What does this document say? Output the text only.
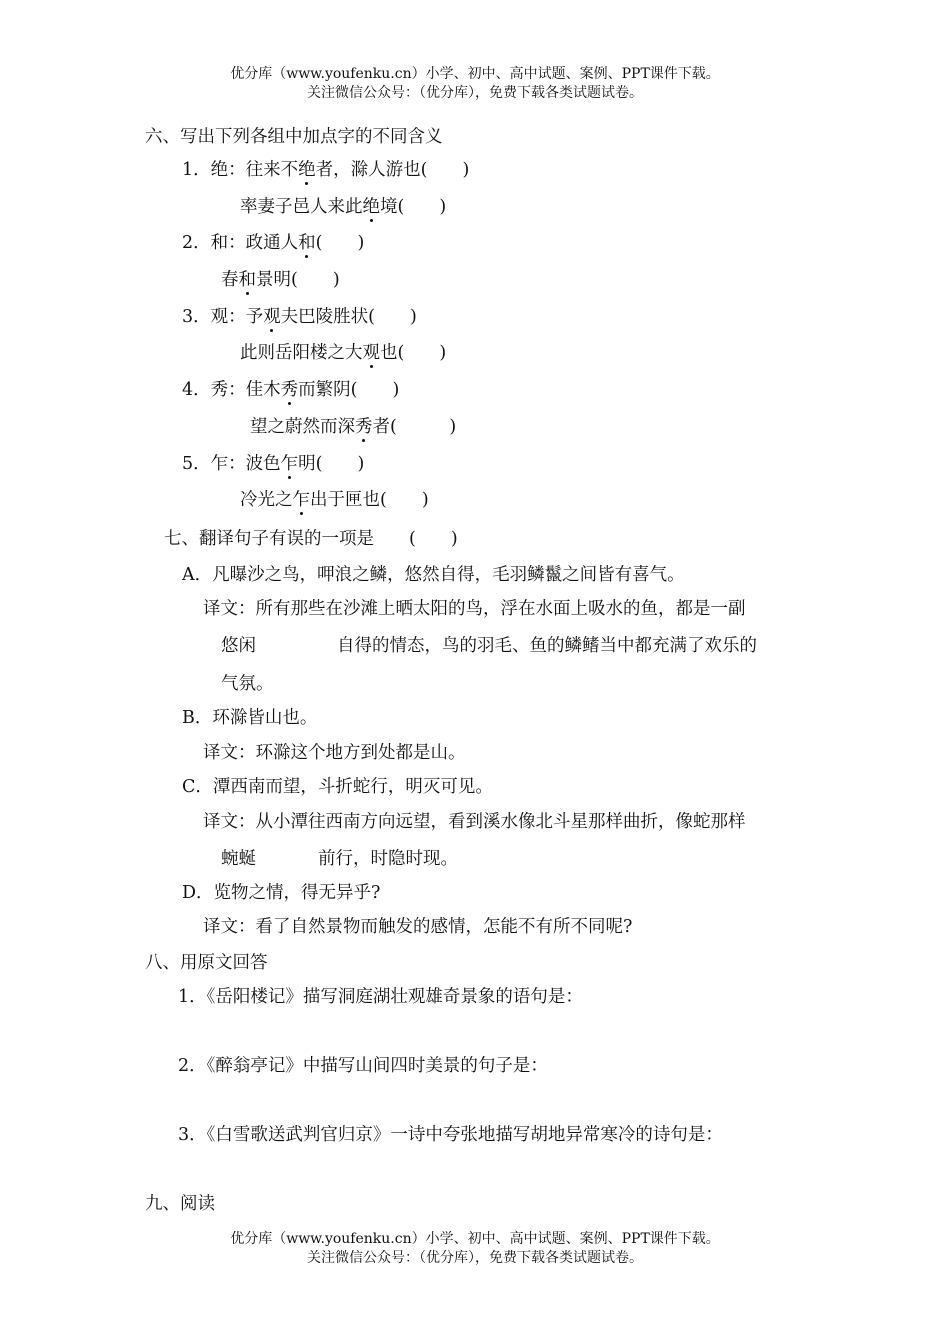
优分库（www.youfenku.cn）小学、初中、高中试题、案例、PPT课件下载。
关注微信公众号：（优分库），免费下载各类试题试卷。
六、写出下列各组中加点字的不同含义
1．绝：往来不绝者，滁人游也(　　)
率妻子邑人来此绝境(　　)
2．和：政通人和(　　)
春和景明(　　)
3．观：予观夫巴陵胜状(　　)
此则岳阳楼之大观也(　　)
4．秀：佳木秀而繁阴(　　)
望之蔚然而深秀者(　　　)
5．乍：波色乍明(　　)
冷光之乍出于匣也(　　)
七、翻译句子有误的一项是　　(　　)
A．凡曝沙之鸟，呷浪之鳞，悠然自得，毛羽鳞鬣之间皆有喜气。
译文：所有那些在沙滩上晒太阳的鸟，浮在水面上吸水的鱼，都是一副
悠闲	自得的情态，鸟的羽毛、鱼的鳞鳍当中都充满了欢乐的
气氛。
B．环滁皆山也。
译文：环滁这个地方到处都是山。
C．潭西南而望，斗折蛇行，明灭可见。
译文：从小潭往西南方向远望，看到溪水像北斗星那样曲折，像蛇那样
蜿蜒	前行，时隐时现。
D．览物之情，得无异乎?
译文：看了自然景物而触发的感情，怎能不有所不同呢?
八、用原文回答
1．《岳阳楼记》描写洞庭湖壮观雄奇景象的语句是：
2．《醉翁亭记》中描写山间四时美景的句子是：
3．《白雪歌送武判官归京》一诗中夸张地描写胡地异常寒冷的诗句是：
九、阅读
优分库（www.youfenku.cn）小学、初中、高中试题、案例、PPT课件下载。
关注微信公众号：（优分库），免费下载各类试题试卷。
